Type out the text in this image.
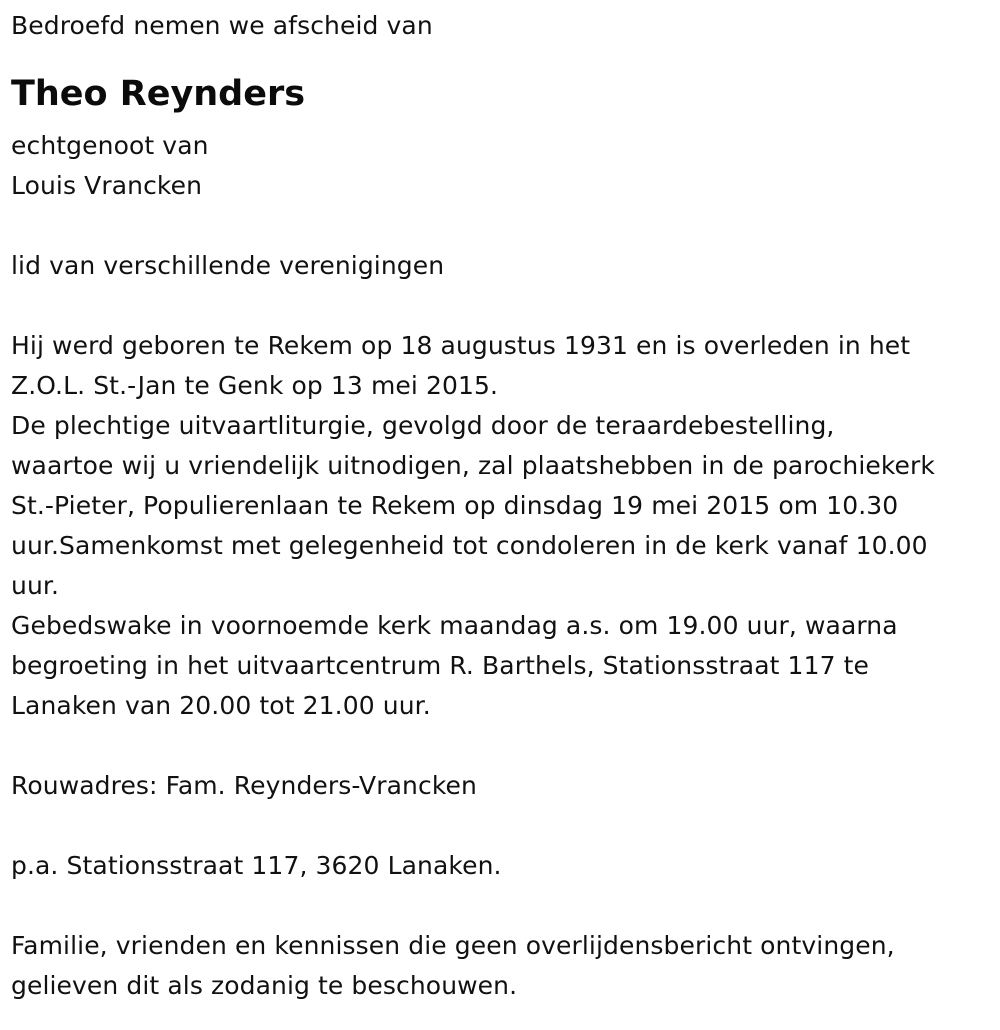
Bedroefd nemen we afscheid van
Theo Reynders
echtgenoot van
Louis Vrancken
lid van verschillende verenigingen
Hij werd geboren te Rekem op 18 augustus 1931 en is overleden in het
Z.O.L. St.-Jan te Genk op 13 mei 2015.
De plechtige uitvaartliturgie, gevolgd door de teraardebestelling,
waartoe wij u vriendelijk uitnodigen, zal plaatshebben in de parochiekerk
St.-Pieter, Populierenlaan te Rekem op dinsdag 19 mei 2015 om 10.30
uur.Samenkomst met gelegenheid tot condoleren in de kerk vanaf 10.00
uur.
Gebedswake in voornoemde kerk maandag a.s. om 19.00 uur, waarna
begroeting in het uitvaartcentrum R. Barthels, Stationsstraat 117 te
Lanaken van 20.00 tot 21.00 uur.
Rouwadres: Fam. Reynders-Vrancken
p.a. Stationsstraat 117, 3620 Lanaken.
Familie, vrienden en kennissen die geen overlijdensbericht ontvingen,
gelieven dit als zodanig te beschouwen.
